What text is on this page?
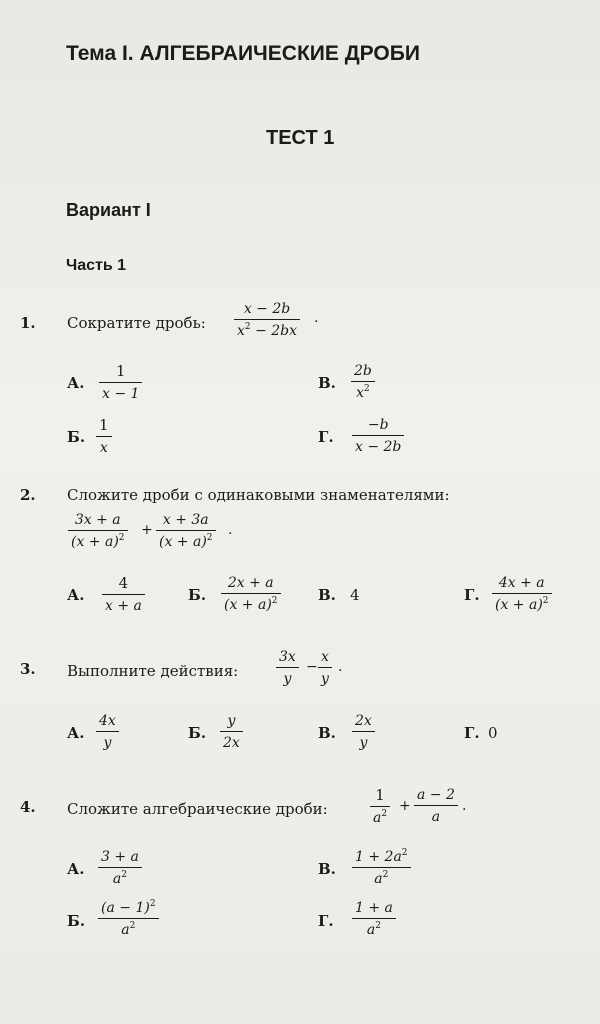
Тема I. АЛГЕБРАИЧЕСКИЕ ДРОБИ
ТЕСТ 1
Вариант I
Часть 1
1. Сократите дробь:
x − 2b
$x^2 - 2bx$
.
А.
1
x − 1
В.
2b
$x^2$
Б.
1
x
Г.
−b
x − 2b
2. Сложите дроби с одинаковыми знаменателями:
3x + a
$(x + a)^2$ +
x + 3a
$(x + a)^2$ .
А.
4
x + a
Б.
2x + a
$(x + a)^2$	В. 4	Г.
4x + a
$(x + a)^2$
3. Выполните действия:
3x
y
−
x
y
.
А.
4x
y
Б.
y
2x
В.
2x
y
Г. 0
4. Сложите алгебраические дроби:
1
$a^2$ +
a − 2
a
.
А.
3 + a
$a^2$	В.
$1 + 2a^2$
$a^2$
Б.
$(a - 1)^2$
$a^2$	Г.
1 + a
$a^2$
